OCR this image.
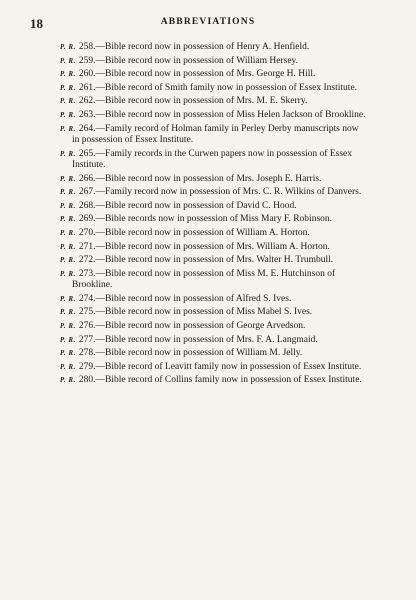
18	ABBREVIATIONS
P. R. 258.—Bible record now in possession of Henry A. Henfield.
P. R. 259.—Bible record now in possession of William Hersey.
P. R. 260.—Bible record now in possession of Mrs. George H. Hill.
P. R. 261.—Bible record of Smith family now in possession of Essex Institute.
P. R. 262.—Bible record now in possession of Mrs. M. E. Skerry.
P. R. 263.—Bible record now in possession of Miss Helen Jackson of Brookline.
P. R. 264.—Family record of Holman family in Perley Derby manuscripts now in possession of Essex Institute.
P. R. 265.—Family records in the Curwen papers now in possession of Essex Institute.
P. R. 266.—Bible record now in possession of Mrs. Joseph E. Harris.
P. R. 267.—Family record now in possession of Mrs. C. R. Wilkins of Danvers.
P. R. 268.—Bible record now in possession of David C. Hood.
P. R. 269.—Bible records now in possession of Miss Mary F. Robinson.
P. R. 270.—Bible record now in possession of William A. Horton.
P. R. 271.—Bible record now in possession of Mrs. William A. Horton.
P. R. 272.—Bible record now in possession of Mrs. Walter H. Trumbull.
P. R. 273.—Bible record now in possession of Miss M. E. Hutchinson of Brookline.
P. R. 274.—Bible record now in possession of Alfred S. Ives.
P. R. 275.—Bible record now in possession of Miss Mabel S. Ives.
P. R. 276.—Bible record now in possession of George Arvedson.
P. R. 277.—Bible record now in possession of Mrs. F. A. Langmaid.
P. R. 278.—Bible record now in possession of William M. Jelly.
P. R. 279.—Bible record of Leavitt family now in possession of Essex Institute.
P. R. 280.—Bible record of Collins family now in possession of Essex Institute.
